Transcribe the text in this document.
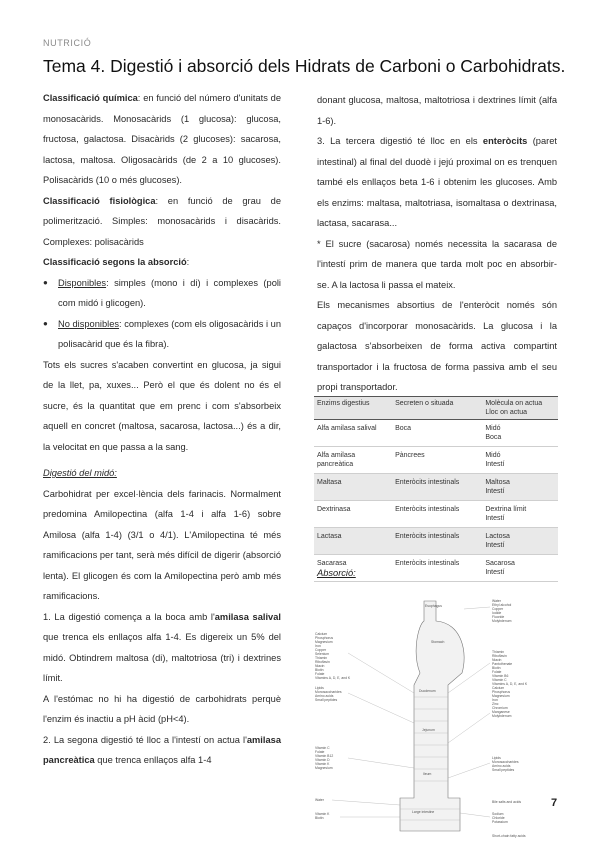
NUTRICIÓ
Tema 4. Digestió i absorció dels Hidrats de Carboni o Carbohidrats.

Classificació química: en funció del número d'unitats de monosacàrids. Monosacàrids (1 glucosa): glucosa, fructosa, galactosa. Disacàrids (2 glucoses): sacarosa, lactosa, maltosa. Oligosacàrids (de 2 a 10 glucoses). Polisacàrids (10 o més glucoses).

Classificació fisiològica: en funció de grau de polimerització. Simples: monosacàrids i disacàrids. Complexes: polisacàrids

Classificació segons la absorció:

● Disponibles: simples (mono i di) i complexes (poli com midó i glicogen).
● No disponibles: complexes (com els oligosacàrids i un polisacàrid que és la fibra).

Tots els sucres s'acaben convertint en glucosa, ja sigui de la llet, pa, xuxes... Però el que és dolent no és el sucre, és la quantitat que em prenc i com s'absorbeix aquell en concret (maltosa, sacarosa, lactosa...) és a dir, la velocitat en que passa a la sang.

Digestió del midó:

Carbohidrat per excel·lència dels farinacis. Normalment predomina Amilopectina (alfa 1-4 i alfa 1-6) sobre Amilosa (alfa 1-4) (3/1 o 4/1). L'Amilopectina té més ramificacions per tant, serà més difícil de digerir (absorció lenta). El glicogen és com la Amilopectina però amb més ramificacions.

1. La digestió comença a la boca amb l'amilasa salival que trenca els enllaços alfa 1-4. Es digereix un 5% del midó. Obtindrem maltosa (di), maltotriosa (tri) i dextrines límit.

A l'estómac no hi ha digestió de carbohidrats perquè l'enzim és inactiu a pH àcid (pH<4).

2. La segona digestió té lloc a l'intestí on actua l'amilasa pancreàtica que trenca enllaços alfa 1-4

donant glucosa, maltosa, maltotriosa i dextrines límit (alfa 1-6).

3. La tercera digestió té lloc en els enteròcits (paret intestinal) al final del duodè i jejú proximal on es trenquen també els enllaços beta 1-6 i obtenim les glucoses. Amb els enzims: maltasa, maltotriasa, isomaltasa o dextrinasa, lactasa, sacarasa...

* El sucre (sacarosa) només necessita la sacarasa de l'intestí prim de manera que tarda molt poc en absorbir-se. A la lactosa li passa el mateix.

Els mecanismes absortius de l'enteròcit només són capaços d'incorporar monosacàrids. La glucosa i la galactosa s'absorbeixen de forma activa compartint transportador i la fructosa de forma passiva amb el seu propi transportador.

Enzims digestius	Secreten o situada	Molècula on actua
Lloc on actua
Alfa amilasa salival	Boca	Midó
Boca
Alfa amilasa pancreàtica	Pàncrees	Midó
Intestí
Maltasa	Enteròcits intestinals	Maltosa
Intestí
Dextrinasa	Enteròcits intestinals	Dextrina límit
Intestí
Lactasa	Enteròcits intestinals	Lactosa
Intestí
Sacarasa	Enteròcits intestinals	Sacarosa
Intestí
Absorció:
Esophagus
Stomach
Duodenum
Jejunum
Ileum
Large intestine
Calcium
Phosphorus
Magnesium
Iron
Copper
Selenium
Thiamin
Riboflavin
Niacin
Biotin
Folate
Vitamins A, D, E, and K
Lipids
Monosaccharides
Amino acids
Small peptides
Vitamin C
Folate
Vitamin B12
Vitamin D
Vitamin K
Magnesium
Water
Vitamin K
Biotin
Water
Ethyl alcohol
Copper
Iodide
Fluoride
Molybdenum
Thiamin
Riboflavin
Niacin
Pantothenate
Biotin
Folate
Vitamin B6
Vitamin C
Vitamins A, D, E, and K
Calcium
Phosphorus
Magnesium
Iron
Zinc
Chromium
Manganese
Molybdenum
Lipids
Monosaccharides
Amino acids
Small peptides
Bile salts and acids
Sodium
Chloride
Potassium
Short-chain fatty acids
7
